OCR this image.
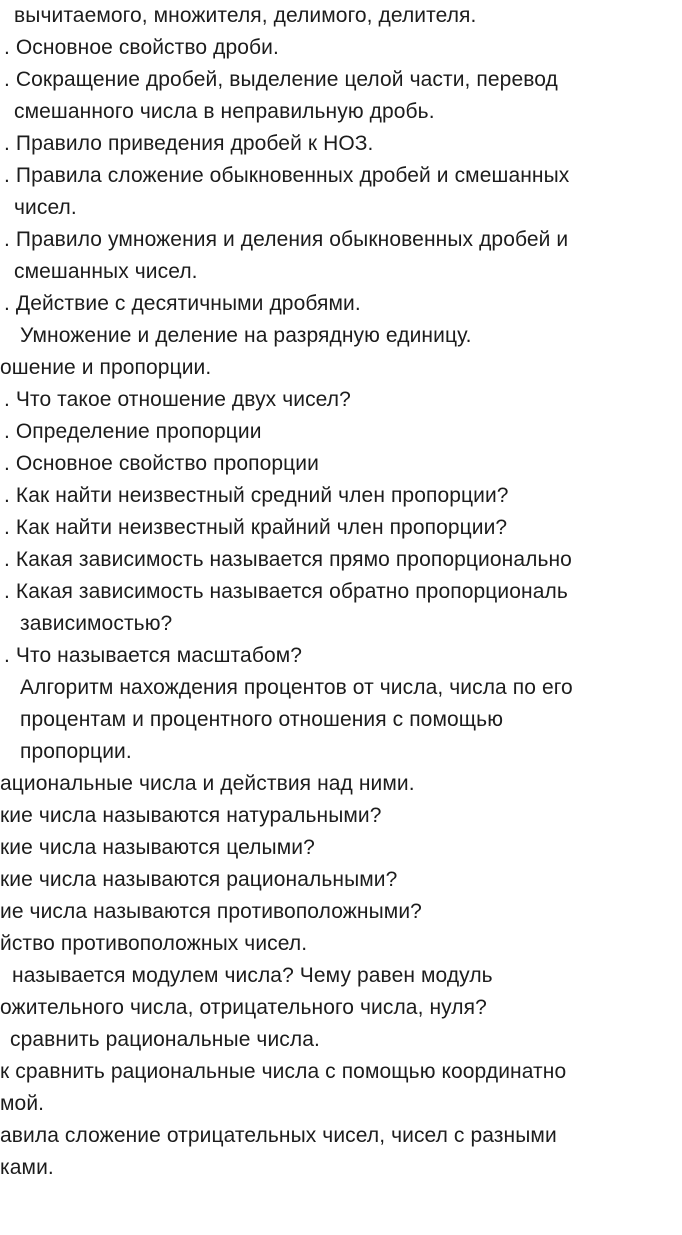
вычитаемого, множителя, делимого, делителя.
. Основное свойство дроби.
. Сокращение дробей, выделение целой части, перевод
смешанного числа в неправильную дробь.
. Правило приведения дробей к НОЗ.
. Правила сложение обыкновенных дробей и смешанных
чисел.
. Правило умножения и деления обыкновенных дробей и
смешанных чисел.
. Действие с десятичными дробями.
Умножение и деление на разрядную единицу.
ошение и пропорции.
. Что такое отношение двух чисел?
. Определение пропорции
. Основное свойство пропорции
. Как найти неизвестный средний член пропорции?
. Как найти неизвестный крайний член пропорции?
. Какая зависимость называется прямо пропорционально
. Какая зависимость называется обратно пропорциональ
зависимостью?
. Что называется масштабом?
Алгоритм нахождения процентов от числа, числа по его
процентам и процентного отношения с помощью
пропорции.
ациональные числа и действия над ними.
кие числа называются натуральными?
кие числа называются целыми?
кие числа называются рациональными?
ие числа называются противоположными?
йство противоположных чисел.
называется модулем числа? Чему равен модуль
ожительного числа, отрицательного числа, нуля?
сравнить рациональные числа.
к сравнить рациональные числа с помощью координатно
мой.
авила сложение отрицательных чисел, чисел с разными
ками.
